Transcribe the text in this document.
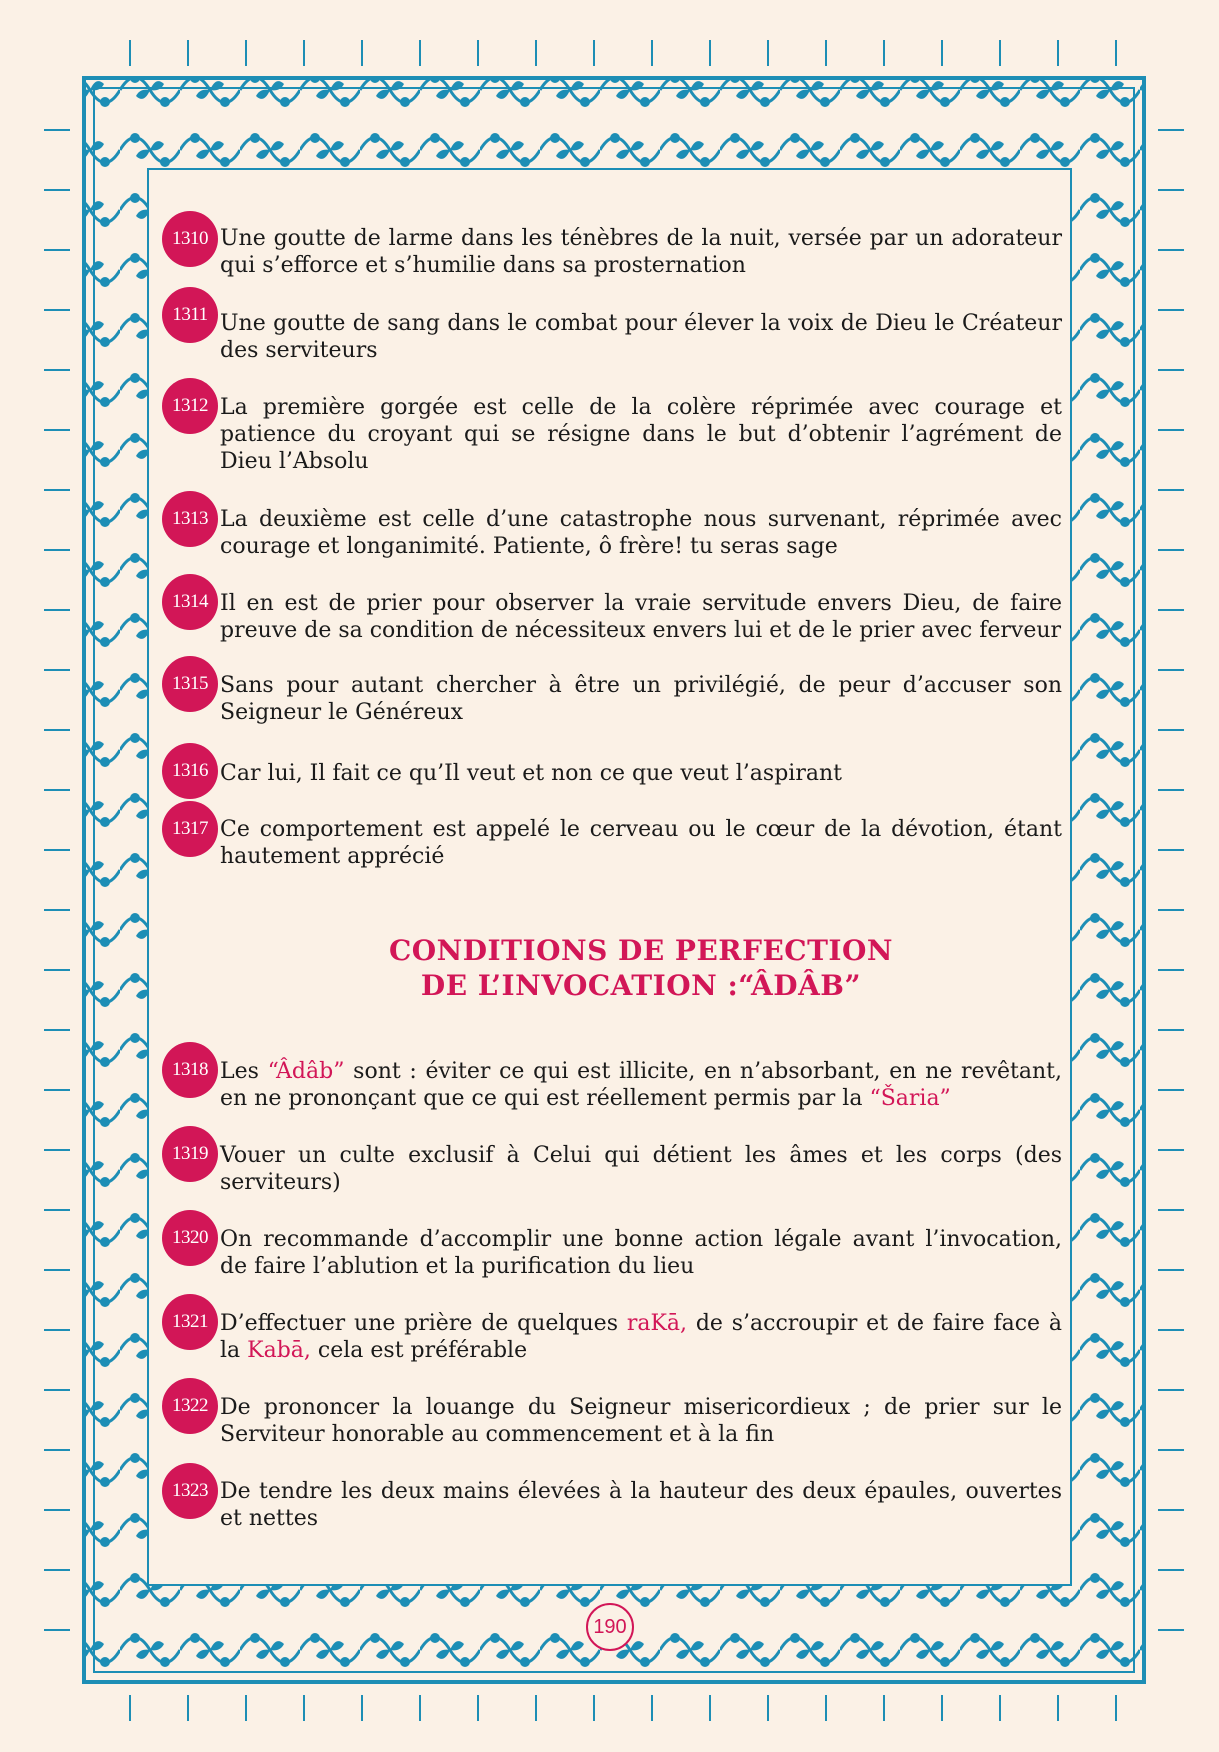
1310 Une goutte de larme dans les ténèbres de la nuit, versée par un adorateur qui s’efforce et s’humilie dans sa prosternation
1311 Une goutte de sang dans le combat pour élever la voix de Dieu le Créateur des serviteurs
1312 La première gorgée est celle de la colère réprimée avec courage et patience du croyant qui se résigne dans le but d’obtenir l’agrément de Dieu l’Absolu
1313 La deuxième est celle d’une catastrophe nous survenant, réprimée avec courage et longanimité. Patiente, ô frère! tu seras sage
1314 Il en est de prier pour observer la vraie servitude envers Dieu, de faire preuve de sa condition de nécessiteux envers lui et de le prier avec ferveur
1315 Sans pour autant chercher à être un privilégié, de peur d’accuser son Seigneur le Généreux
1316 Car lui, Il fait ce qu’Il veut et non ce que veut l’aspirant
1317 Ce comportement est appelé le cerveau ou le cœur de la dévotion, étant hautement apprécié
CONDITIONS DE PERFECTION
DE L’INVOCATION :“ÂDÂB”
1318 Les “Âdâb” sont : éviter ce qui est illicite, en n’absorbant, en ne revêtant, en ne prononçant que ce qui est réellement permis par la “Šaria”
1319 Vouer un culte exclusif à Celui qui détient les âmes et les corps (des serviteurs)
1320 On recommande d’accomplir une bonne action légale avant l’invocation, de faire l’ablution et la purification du lieu
1321 D’effectuer une prière de quelques raKā, de s’accroupir et de faire face à la Kabā, cela est préférable
1322 De prononcer la louange du Seigneur misericordieux ; de prier sur le Serviteur honorable au commencement et à la fin
1323 De tendre les deux mains élevées à la hauteur des deux épaules, ouvertes et nettes
190
